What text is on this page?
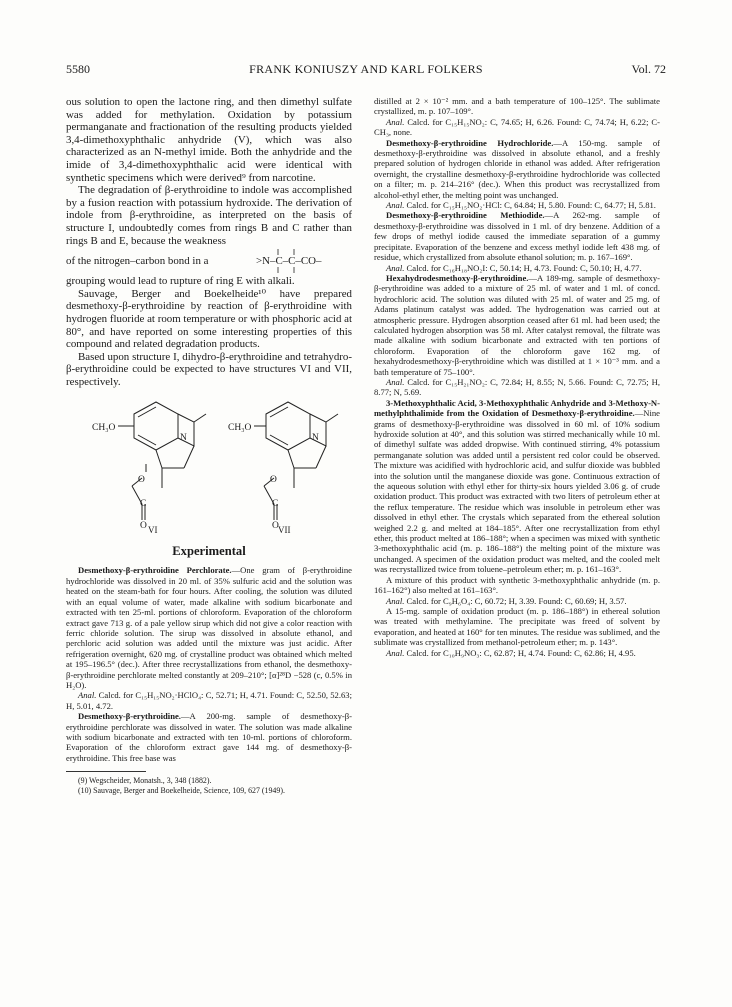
5580	FRANK KONIUSZY AND KARL FOLKERS	Vol. 72

ous solution to open the lactone ring, and then dimethyl sulfate was added for methylation. Oxidation by potassium permanganate and fractionation of the resulting products yielded 3,4-dimethoxyphthalic anhydride (V), which was also characterized as an N-methyl imide. Both the anhydride and the imide of 3,4-dimethoxyphthalic acid were identical with synthetic specimens which were derived⁹ from narcotine.

The degradation of β-erythroidine to indole was accomplished by a fusion reaction with potassium hydroxide. The derivation of indole from β-erythroidine, as interpreted on the basis of structure I, undoubtedly comes from rings B and C rather than rings B and E, because the weakness

of the nitrogen–carbon bond in a	>N–C–C–CO–

grouping would lead to rupture of ring E with alkali.

Sauvage, Berger and Boekelheide¹⁰ have prepared desmethoxy-β-erythroidine by reaction of β-erythroidine with hydrogen fluoride at room temperature or with phosphoric acid at 80°, and have reported on some interesting properties of this compound and related degradation products.

Based upon structure I, dihydro-β-erythroidine and tetrahydro-β-erythroidine could be expected to have structures VI and VII, respectively.

CH₃O
N
O
C
O VI
CH₃O
N
O
C
O VII
Experimental

Desmethoxy-β-erythroidine Perchlorate.—One gram of β-erythroidine hydrochloride was dissolved in 20 ml. of 35% sulfuric acid and the solution was heated on the steam-bath for four hours. After cooling, the solution was diluted with an equal volume of water, made alkaline with sodium bicarbonate and extracted with ten 25-ml. portions of chloroform. Evaporation of the chloroform extract gave 713 g. of a pale yellow sirup which did not give a color reaction with ferric chloride solution. The sirup was dissolved in absolute ethanol, and perchloric acid solution was added until the mixture was just acidic. After refrigeration overnight, 620 mg. of crystalline product was obtained which melted at 195–196.5° (dec.). After three recrystallizations from ethanol, the desmethoxy-β-erythroidine perchlorate melted constantly at 209–210°; [α]²⁸D −528 (c, 0.5% in H₂O).

Anal. Calcd. for C₁₅H₁₅NO₂·HClO₄: C, 52.71; H, 4.71. Found: C, 52.50, 52.63; H, 5.01, 4.72.

Desmethoxy-β-erythroidine.—A 200-mg. sample of desmethoxy-β-erythroidine perchlorate was dissolved in water. The solution was made alkaline with sodium bicarbonate and extracted with ten 10-ml. portions of chloroform. Evaporation of the chloroform extract gave 144 mg. of desmethoxy-β-erythroidine. This free base was

(9) Wegscheider, Monatsh., 3, 348 (1882).

(10) Sauvage, Berger and Boekelheide, Science, 109, 627 (1949).

distilled at 2 × 10⁻² mm. and a bath temperature of 100–125°. The sublimate crystallized, m. p. 107–109°.

Anal. Calcd. for C₁₅H₁₅NO₂: C, 74.65; H, 6.26. Found: C, 74.74; H, 6.22; C-CH₃, none.

Desmethoxy-β-erythroidine Hydrochloride.—A 150-mg. sample of desmethoxy-β-erythroidine was dissolved in absolute ethanol, and a freshly prepared solution of hydrogen chloride in ethanol was added. After refrigeration overnight, the crystalline desmethoxy-β-erythroidine hydrochloride was collected on a filter; m. p. 214–216° (dec.). When this product was recrystallized from alcohol-ethyl ether, the melting point was unchanged.

Anal. Calcd. for C₁₅H₁₅NO₂·HCl: C, 64.84; H, 5.80. Found: C, 64.77; H, 5.81.

Desmethoxy-β-erythroidine Methiodide.—A 262-mg. sample of desmethoxy-β-erythroidine was dissolved in 1 ml. of dry benzene. Addition of a few drops of methyl iodide caused the immediate separation of a gummy precipitate. Evaporation of the benzene and excess methyl iodide left 438 mg. of residue, which crystallized from absolute ethanol solution; m. p. 167–169°.

Anal. Calcd. for C₁₆H₁₈NO₂I: C, 50.14; H, 4.73. Found: C, 50.10; H, 4.77.

Hexahydrodesmethoxy-β-erythroidine.—A 189-mg. sample of desmethoxy-β-erythroidine was added to a mixture of 25 ml. of water and 1 ml. of concd. hydrochloric acid. The solution was diluted with 25 ml. of water and 25 mg. of Adams platinum catalyst was added. The hydrogenation was carried out at atmospheric pressure. Hydrogen absorption ceased after 61 ml. had been used; the calculated hydrogen absorption was 58 ml. After catalyst removal, the filtrate was made alkaline with sodium bicarbonate and extracted with ten portions of chloroform. Evaporation of the chloroform gave 162 mg. of hexahydrodesmethoxy-β-erythroidine which was distilled at 1 × 10⁻³ mm. and a bath temperature of 75–100°.

Anal. Calcd. for C₁₅H₂₁NO₂: C, 72.84; H, 8.55; N, 5.66. Found: C, 72.75; H, 8.77; N, 5.69.

3-Methoxyphthalic Acid, 3-Methoxyphthalic Anhydride and 3-Methoxy-N-methylphthalimide from the Oxidation of Desmethoxy-β-erythroidine.—Nine grams of desmethoxy-β-erythroidine was dissolved in 60 ml. of 10% sodium hydroxide solution at 40°, and this solution was stirred mechanically while 10 ml. of dimethyl sulfate was added dropwise. With continued stirring, 4% potassium permanganate solution was added until a persistent red color could be observed. The mixture was acidified with hydrochloric acid, and sulfur dioxide was bubbled into the solution until the manganese dioxide was gone. Continuous extraction of the aqueous solution with ethyl ether for thirty-six hours yielded 3.06 g. of crude oxidation product. This product was extracted with two liters of petroleum ether at the reflux temperature. The residue which was insoluble in petroleum ether was dissolved in ethyl ether. The crystals which separated from the ethereal solution weighed 2.2 g. and melted at 184–185°. After one recrystallization from ethyl ether, this product melted at 186–188°; when a specimen was mixed with synthetic 3-methoxyphthalic acid (m. p. 186–188°) the melting point of the mixture was unchanged. A specimen of the oxidation product was melted, and the cooled melt was recrystallized twice from toluene–petroleum ether; m. p. 161–163°.

A mixture of this product with synthetic 3-methoxyphthalic anhydride (m. p. 161–162°) also melted at 161–163°.

Anal. Calcd. for C₉H₆O₄: C, 60.72; H, 3.39. Found: C, 60.69; H, 3.57.

A 15-mg. sample of oxidation product (m. p. 186–188°) in ethereal solution was treated with methylamine. The precipitate was freed of solvent by evaporation, and heated at 160° for ten minutes. The residue was sublimed, and the sublimate was crystallized from methanol-petroleum ether; m. p. 143°.

Anal. Calcd. for C₁₀H₉NO₃: C, 62.87; H, 4.74. Found: C, 62.86; H, 4.95.
